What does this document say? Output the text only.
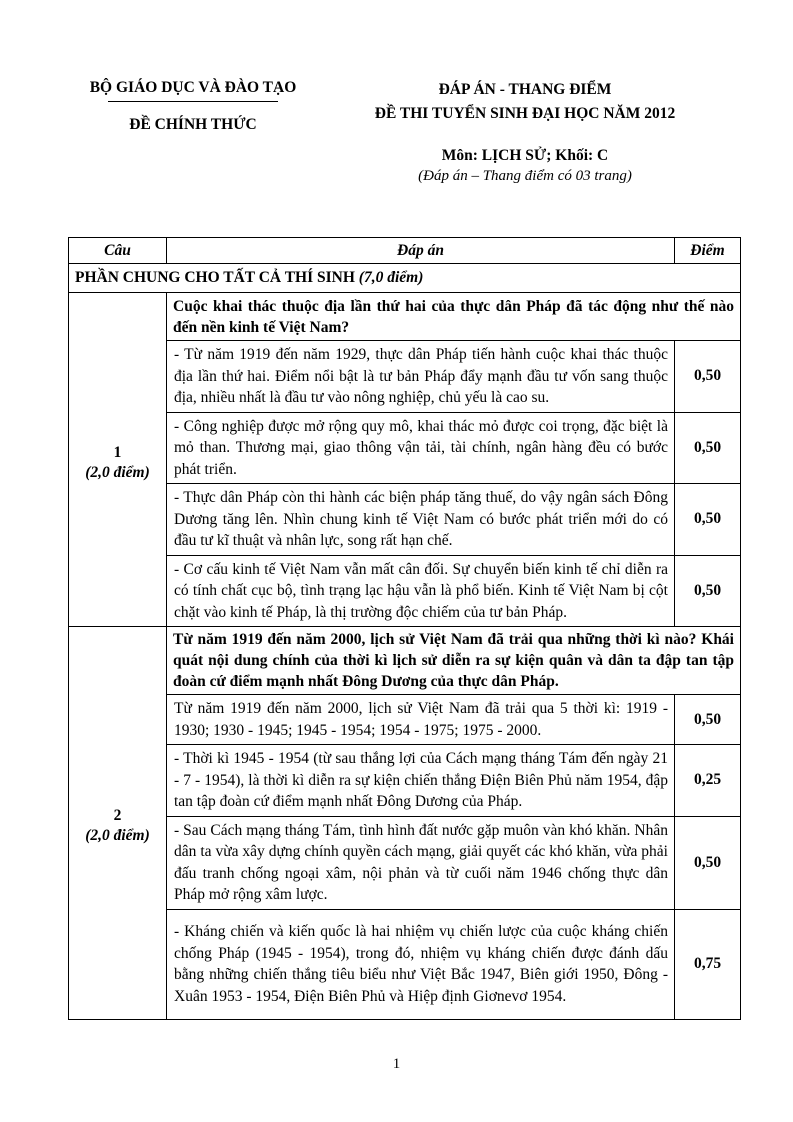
BỘ GIÁO DỤC VÀ ĐÀO TẠO
ĐỀ CHÍNH THỨC
ĐÁP ÁN - THANG ĐIỂM
ĐỀ THI TUYỂN SINH ĐẠI HỌC NĂM 2012
Môn: LỊCH SỬ; Khối: C
(Đáp án – Thang điểm có 03 trang)
Câu	Đáp án	Điểm
PHẦN CHUNG CHO TẤT CẢ THÍ SINH (7,0 điểm)		

1
(2,0 điểm)	Cuộc khai thác thuộc địa lần thứ hai của thực dân Pháp đã tác động như thế nào đến nền kinh tế Việt Nam?	
	- Từ năm 1919 đến năm 1929, thực dân Pháp tiến hành cuộc khai thác thuộc địa lần thứ hai. Điểm nổi bật là tư bản Pháp đẩy mạnh đầu tư vốn sang thuộc địa, nhiều nhất là đầu tư vào nông nghiệp, chủ yếu là cao su.	0,50
	- Công nghiệp được mở rộng quy mô, khai thác mỏ được coi trọng, đặc biệt là mỏ than. Thương mại, giao thông vận tải, tài chính, ngân hàng đều có bước phát triển.	0,50
	- Thực dân Pháp còn thi hành các biện pháp tăng thuế, do vậy ngân sách Đông Dương tăng lên. Nhìn chung kinh tế Việt Nam có bước phát triển mới do có đầu tư kĩ thuật và nhân lực, song rất hạn chế.	0,50
	- Cơ cấu kinh tế Việt Nam vẫn mất cân đối. Sự chuyển biến kinh tế chỉ diễn ra có tính chất cục bộ, tình trạng lạc hậu vẫn là phổ biến. Kinh tế Việt Nam bị cột chặt vào kinh tế Pháp, là thị trường độc chiếm của tư bản Pháp.	0,50

2
(2,0 điểm)	Từ năm 1919 đến năm 2000, lịch sử Việt Nam đã trải qua những thời kì nào? Khái quát nội dung chính của thời kì lịch sử diễn ra sự kiện quân và dân ta đập tan tập đoàn cứ điểm mạnh nhất Đông Dương của thực dân Pháp.	
	Từ năm 1919 đến năm 2000, lịch sử Việt Nam đã trải qua 5 thời kì: 1919 - 1930; 1930 - 1945; 1945 - 1954; 1954 - 1975; 1975 - 2000.	0,50
	- Thời kì 1945 - 1954 (từ sau thắng lợi của Cách mạng tháng Tám đến ngày 21 - 7 - 1954), là thời kì diễn ra sự kiện chiến thắng Điện Biên Phủ năm 1954, đập tan tập đoàn cứ điểm mạnh nhất Đông Dương của Pháp.	0,25
	- Sau Cách mạng tháng Tám, tình hình đất nước gặp muôn vàn khó khăn. Nhân dân ta vừa xây dựng chính quyền cách mạng, giải quyết các khó khăn, vừa phải đấu tranh chống ngoại xâm, nội phản và từ cuối năm 1946 chống thực dân Pháp mở rộng xâm lược.	0,50
	- Kháng chiến và kiến quốc là hai nhiệm vụ chiến lược của cuộc kháng chiến chống Pháp (1945 - 1954), trong đó, nhiệm vụ kháng chiến được đánh dấu bằng những chiến thắng tiêu biểu như Việt Bắc 1947, Biên giới 1950, Đông - Xuân 1953 - 1954, Điện Biên Phủ và Hiệp định Giơnevơ 1954.	0,75
1
